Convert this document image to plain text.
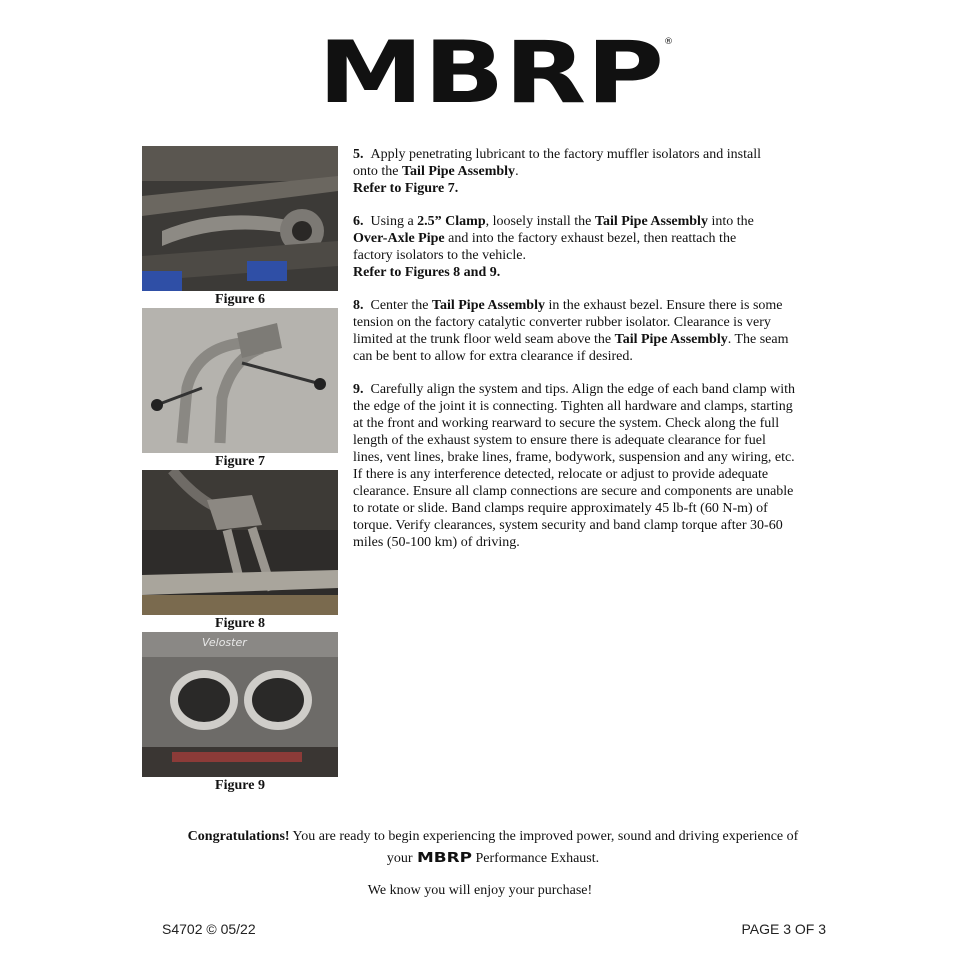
MBRP ®
Figure 6
Figure 7
Figure 8
Veloster
Figure 9

5. Apply penetrating lubricant to the factory muffler isolators and install

onto the Tail Pipe Assembly.

Refer to Figure 7.

6. Using a 2.5” Clamp, loosely install the Tail Pipe Assembly into the

Over-Axle Pipe and into the factory exhaust bezel, then reattach the

factory isolators to the vehicle.

Refer to Figures 8 and 9.

8. Center the Tail Pipe Assembly in the exhaust bezel. Ensure there is some

tension on the factory catalytic converter rubber isolator. Clearance is very

limited at the trunk floor weld seam above the Tail Pipe Assembly. The seam

can be bent to allow for extra clearance if desired.

9. Carefully align the system and tips. Align the edge of each band clamp with

the edge of the joint it is connecting. Tighten all hardware and clamps, starting

at the front and working rearward to secure the system. Check along the full

length of the exhaust system to ensure there is adequate clearance for fuel

lines, vent lines, brake lines, frame, bodywork, suspension and any wiring, etc.

If there is any interference detected, relocate or adjust to provide adequate

clearance. Ensure all clamp connections are secure and components are unable

to rotate or slide. Band clamps require approximately 45 lb-ft (60 N-m) of

torque. Verify clearances, system security and band clamp torque after 30-60

miles (50-100 km) of driving.

Congratulations! You are ready to begin experiencing the improved power, sound and driving experience of

your MBRP Performance Exhaust.

We know you will enjoy your purchase!
S4702 © 05/22	PAGE 3 OF 3
